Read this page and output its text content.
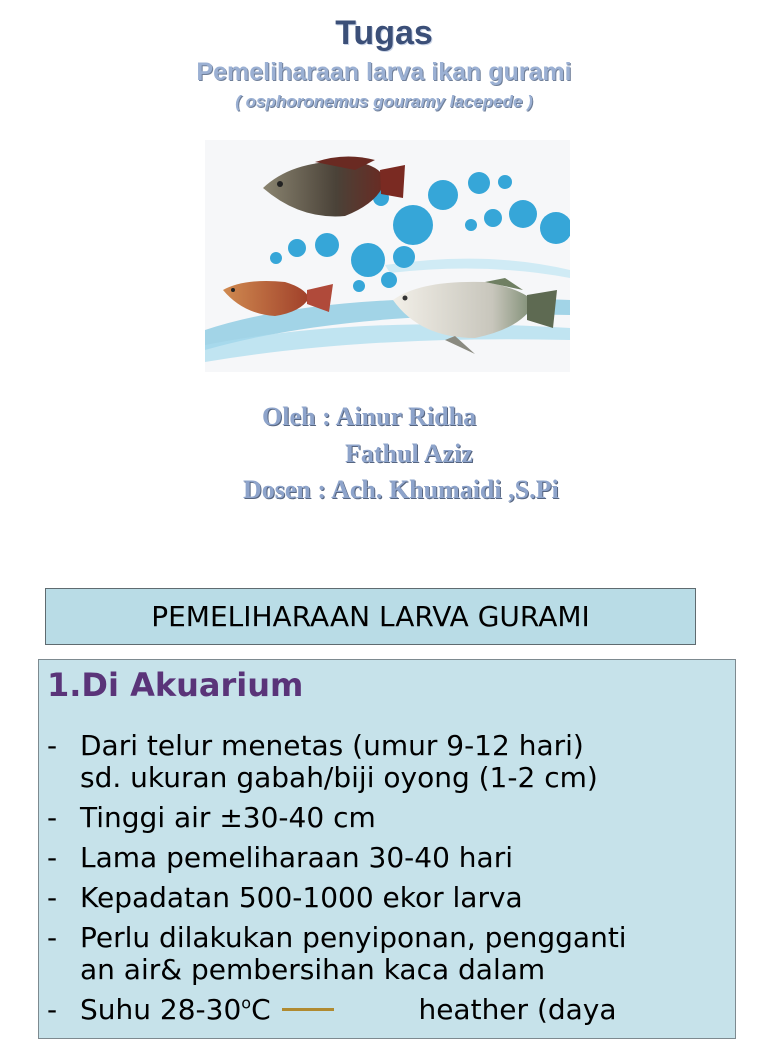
Tugas
Pemeliharaan larva ikan gurami
( osphoronemus gouramy lacepede )
Oleh : Ainur Ridha
Fathul Aziz
Dosen : Ach. Khumaidi ,S.Pi
PEMELIHARAAN LARVA GURAMI
1.Di Akuarium
- Dari telur menetas (umur 9-12 hari)
sd. ukuran gabah/biji oyong (1-2 cm)
- Tinggi air ±30-40 cm
- Lama pemeliharaan 30-40 hari
- Kepadatan 500-1000 ekor larva
- Perlu dilakukan penyiponan, pengganti
an air& pembersihan kaca dalam
- Suhu 28-30$^o$C	heather (daya
